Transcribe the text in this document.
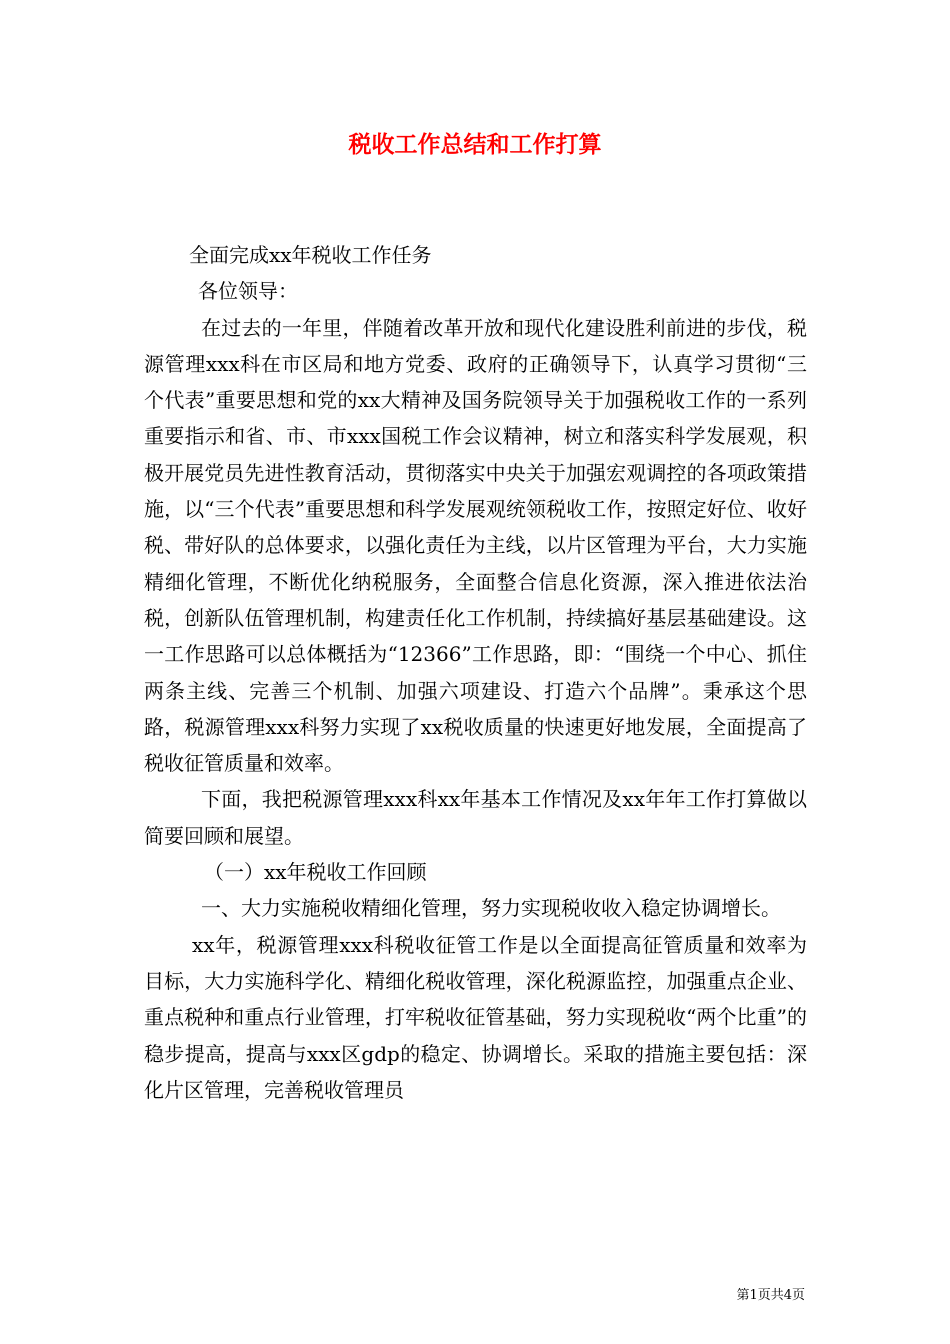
税收工作总结和工作打算

全面完成xx年税收工作任务

各位领导：

在过去的一年里，伴随着改革开放和现代化建设胜利前进的步伐，税源管理xxx科在市区局和地方党委、政府的正确领导下，认真学习贯彻“三个代表”重要思想和党的xx大精神及国务院领导关于加强税收工作的一系列重要指示和省、市、市xxx国税工作会议精神，树立和落实科学发展观，积极开展党员先进性教育活动，贯彻落实中央关于加强宏观调控的各项政策措施，以“三个代表”重要思想和科学发展观统领税收工作，按照定好位、收好税、带好队的总体要求，以强化责任为主线，以片区管理为平台，大力实施精细化管理，不断优化纳税服务，全面整合信息化资源，深入推进依法治税，创新队伍管理机制，构建责任化工作机制，持续搞好基层基础建设。这一工作思路可以总体概括为“12366”工作思路，即：“围绕一个中心、抓住两条主线、完善三个机制、加强六项建设、打造六个品牌”。秉承这个思路，税源管理xxx科努力实现了xx税收质量的快速更好地发展，全面提高了税收征管质量和效率。

下面，我把税源管理xxx科xx年基本工作情况及xx年年工作打算做以简要回顾和展望。

（一）xx年税收工作回顾

一、大力实施税收精细化管理，努力实现税收收入稳定协调增长。

xx年，税源管理xxx科税收征管工作是以全面提高征管质量和效率为目标，大力实施科学化、精细化税收管理，深化税源监控，加强重点企业、重点税种和重点行业管理，打牢税收征管基础，努力实现税收“两个比重”的稳步提高，提高与xxx区gdp的稳定、协调增长。采取的措施主要包括：深化片区管理，完善税收管理员

第1页共4页
